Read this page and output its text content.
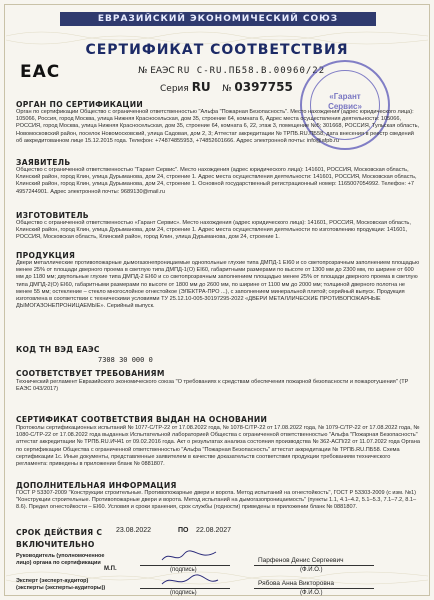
ЕВРАЗИЙСКИЙ ЭКОНОМИЧЕСКИЙ СОЮЗ
СЕРТИФИКАТ СООТВЕТСТВИЯ
ЕАС	№ ЕАЭС RU С-RU.ПБ58.В.00960/22
Серия RU № 0397755
«Гарант Сервис»
ОРГАН ПО СЕРТИФИКАЦИИ
Орган по сертификации Общество с ограниченной ответственностью "Альфа "Пожарная Безопасность". Место нахождения (адрес юридического лица): 105066, Россия, город Москва, улица Нижняя Красносельская, дом 35, строение 64, комната 6, Адрес места осуществления деятельности: 105066, РОССИЯ, город Москва, улица Нижняя Красносельская, дом 35, строение 64, комната 6, 22, этаж 3, помещение №5; 301668, РОССИЯ, Тульская область, Новомосковский район, поселок Новомосковский, улица Садовая, дом 2, 3; Аттестат аккредитации № ТРПБ.RU.ПБ58, дата внесения в реестр сведений об аккредитованном лице 15.12.2015 года. Телефон: +74874855953, +74852601666. Адрес электронной почты: info@afpb.ru
ЗАЯВИТЕЛЬ
Общество с ограниченной ответственностью "Гарант Сервис". Место нахождения (адрес юридического лица): 141601, РОССИЯ, Московская область, Клинский район, город Клин, улица Дурыманова, дом 24, строение 1. Адрес места осуществления деятельности: 141601, РОССИЯ, Московская область, Клинский район, город Клин, улица Дурыманова, дом 24, строение 1. Основной государственный регистрационный номер: 1165007054992. Телефон: +7 4957244901. Адрес электронной почты: 9689130@mail.ru
ИЗГОТОВИТЕЛЬ
Общество с ограниченной ответственностью «Гарант Сервис». Место нахождения (адрес юридического лица): 141601, РОССИЯ, Московская область, Клинский район, город Клин, улица Дурыманова, дом 24, строение 1. Адрес места осуществления деятельности по изготовлению продукции: 141601, РОССИЯ, Московская область, Клинский район, город Клин, улица Дурыманова, дом 24, строение 1.
ПРОДУКЦИЯ
Двери металлические противопожарные дымогазонепроницаемые однопольные глухие типа ДМПД-1 EI60 и со светопрозрачным заполнением площадью менее 25% от площади дверного проема в светлую типа ДМПД-1(О) EI60, габаритными размерами по высоте от 1300 мм до 2300 мм, по ширине от 600 мм до 1180 мм; двупольные глухие типа ДМПД-2 EI60 и со светопрозрачным заполнением площадью менее 25% от площади дверного проема в светлую типа ДМПД-2(О) EI60, габаритными размерами по высоте от 1800 мм до 2600 мм, по ширине от 1100 мм до 2000 мм; толщиной дверного полотна не менее 55 мм; остекление – стекло многослойное огнестойкое (ЭЛЕКТРА-ПРО ...), с заполнением минеральной плитой; серийный выпуск. Продукция изготовлена в соответствии с техническими условиями ТУ 25.12.10-005-30197295-2022 «ДВЕРИ МЕТАЛЛИЧЕСКИЕ ПРОТИВОПОЖАРНЫЕ ДЫМОГАЗОНЕПРОНИЦАЕМЫЕ». Серийный выпуск.
КОД ТН ВЭД ЕАЭС
7308 30 000 0
СООТВЕТСТВУЕТ ТРЕБОВАНИЯМ
Технический регламент Евразийского экономического союза "О требованиях к средствам обеспечения пожарной безопасности и пожаротушения" (ТР ЕАЭС 043/2017)
СЕРТИФИКАТ СООТВЕТСТВИЯ ВЫДАН НА ОСНОВАНИИ
Протоколы сертификационных испытаний № 1077-С/ТР-22 от 17.08.2022 года, № 1078-С/ТР-22 от 17.08.2022 года, № 1079-С/ТР-22 от 17.08.2022 года, № 1080-С/ТР-22 от 17.08.2022 года выданных Испытательной лабораторией Общества с ограниченной ответственностью "Альфа "Пожарная Безопасность" аттестат аккредитации № ТРПБ.RU.ИЧ41 от 09.02.2016 года. Акт о результатах анализа состояния производства № 362-АСП/22 от 11.07.2022 года Органа по сертификации Общества с ограниченной ответственностью "Альфа "Пожарная Безопасность" аттестат аккредитации № ТРПБ.RU.ПБ58. Схема сертификации 1с. Иные документы, представленные заявителем в качестве доказательств соответствия продукции требованиям технического регламента: приведены в приложении бланк № 0881807.
ДОПОЛНИТЕЛЬНАЯ ИНФОРМАЦИЯ
ГОСТ Р 53307-2009 "Конструкции строительные. Противопожарные двери и ворота. Метод испытаний на огнестойкость", ГОСТ Р 53303-2009 (с изм. №1) "Конструкции строительные. Противопожарные двери и ворота. Метод испытаний на дымогазопроницаемость" (пункты 1.1, 4.1–4.2, 5.1–5.3, 7.1–7.2, 8.1–8.6). Предел огнестойкости – EI60. Условия и сроки хранения, срок службы (годности) приведены в приложении бланк № 0881807.
СРОК ДЕЙСТВИЯ С 23.08.2022	ПО 22.08.2027
ВКЛЮЧИТЕЛЬНО
Руководитель (уполномоченное лицо) органа по сертификации
(подпись)
Парфенов Денис Сергеевич
(Ф.И.О.)
Эксперт (эксперт-аудитор) (эксперты (эксперты-аудиторы))
(подпись)
Рябова Анна Викторовна
(Ф.И.О.)
М.П.
